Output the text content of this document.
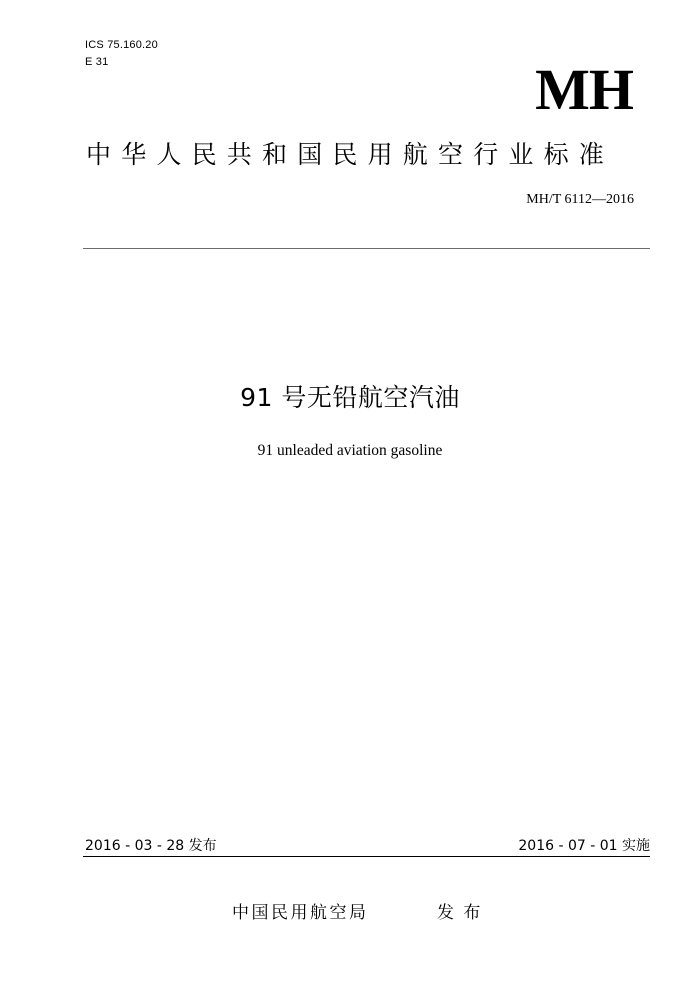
ICS 75.160.20
E 31	MH
中华人民共和国民用航空行业标准
MH/T 6112—2016
91 号无铅航空汽油
91 unleaded aviation gasoline
2016 - 03 - 28 发布	2016 - 07 - 01 实施
中国民用航空局	发 布
